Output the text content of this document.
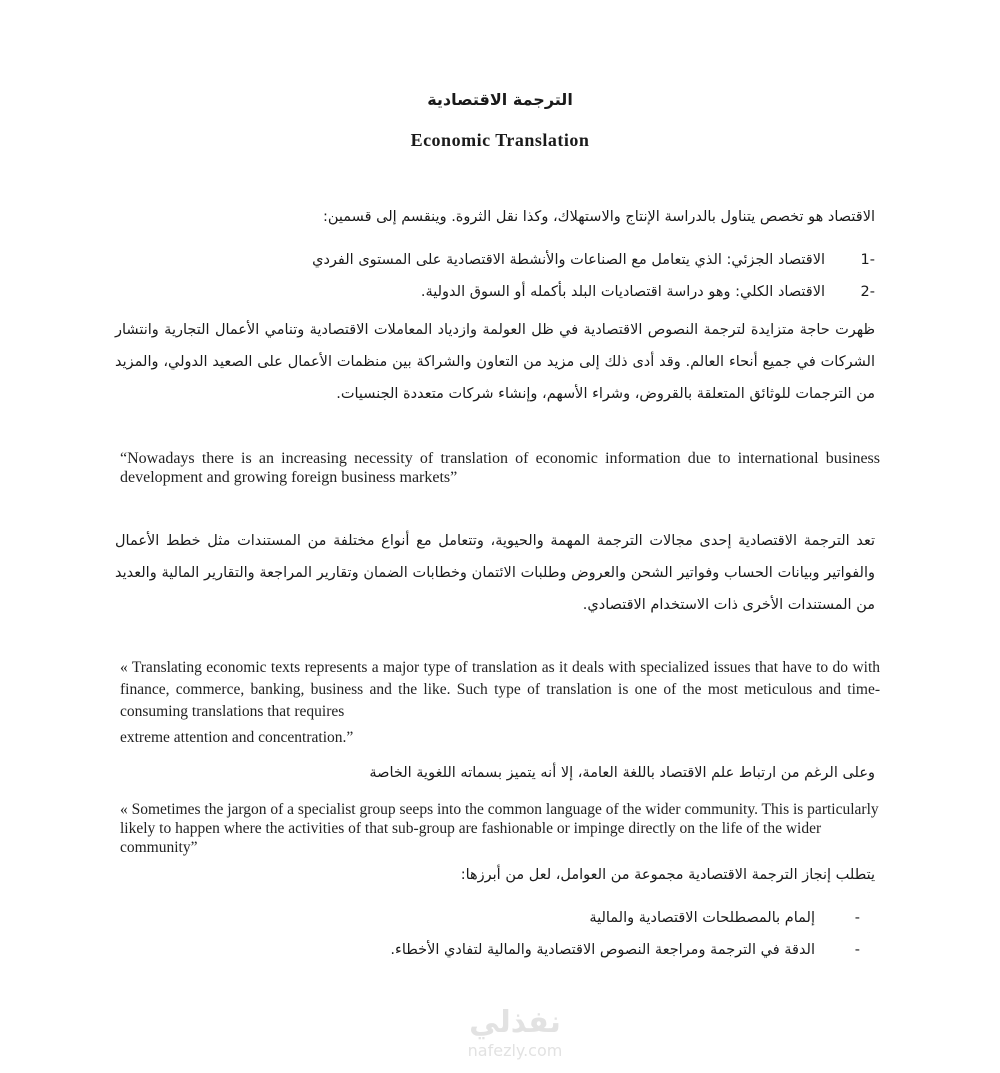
الترجمة الاقتصادية
Economic Translation
الاقتصاد هو تخصص يتناول بالدراسة الإنتاج والاستهلاك، وكذا نقل الثروة. وينقسم إلى قسمين:
1-
الاقتصاد الجزئي: الذي يتعامل مع الصناعات والأنشطة الاقتصادية على المستوى الفردي
2-
الاقتصاد الكلي: وهو دراسة اقتصاديات البلد بأكمله أو السوق الدولية.
ظهرت حاجة متزايدة لترجمة النصوص الاقتصادية في ظل العولمة وازدياد المعاملات الاقتصادية وتنامي الأعمال التجارية وانتشار الشركات في جميع أنحاء العالم. وقد أدى ذلك إلى مزيد من التعاون والشراكة بين منظمات الأعمال على الصعيد الدولي، والمزيد من الترجمات للوثائق المتعلقة بالقروض، وشراء الأسهم، وإنشاء شركات متعددة الجنسيات.
“Nowadays there is an increasing necessity of translation of economic information due to international business development and growing foreign business markets”
تعد الترجمة الاقتصادية إحدى مجالات الترجمة المهمة والحيوية، وتتعامل مع أنواع مختلفة من المستندات مثل خطط الأعمال والفواتير وبيانات الحساب وفواتير الشحن والعروض وطلبات الائتمان وخطابات الضمان وتقارير المراجعة والتقارير المالية والعديد من المستندات الأخرى ذات الاستخدام الاقتصادي.
« Translating economic texts represents a major type of translation as it deals with specialized issues that have to do with finance, commerce, banking, business and the like. Such type of translation is one of the most meticulous and time-consuming translations that requires
extreme attention and concentration.”
وعلى الرغم من ارتباط علم الاقتصاد باللغة العامة، إلا أنه يتميز بسماته اللغوية الخاصة
« Sometimes the jargon of a specialist group seeps into the common language of the wider community. This is particularly likely to happen where the activities of that sub-group are fashionable or impinge directly on the life of the wider community”
يتطلب إنجاز الترجمة الاقتصادية مجموعة من العوامل، لعل من أبرزها:
-
إلمام بالمصطلحات الاقتصادية والمالية
-
الدقة في الترجمة ومراجعة النصوص الاقتصادية والمالية لتفادي الأخطاء.
نفذلي
nafezly.com
